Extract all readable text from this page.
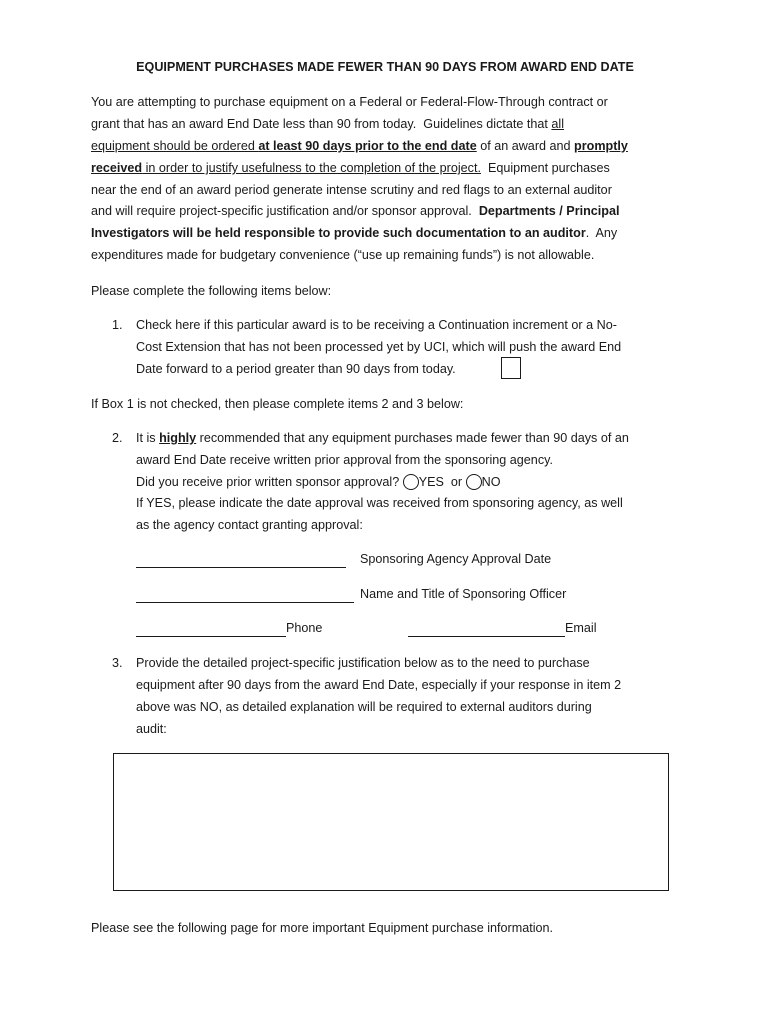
EQUIPMENT PURCHASES MADE FEWER THAN 90 DAYS FROM AWARD END DATE
You are attempting to purchase equipment on a Federal or Federal-Flow-Through contract or
grant that has an award End Date less than 90 from today.  Guidelines dictate that all
equipment should be ordered at least 90 days prior to the end date of an award and promptly
received in order to justify usefulness to the completion of the project.  Equipment purchases
near the end of an award period generate intense scrutiny and red flags to an external auditor
and will require project-specific justification and/or sponsor approval.  Departments / Principal
Investigators will be held responsible to provide such documentation to an auditor.  Any
expenditures made for budgetary convenience (“use up remaining funds”) is not allowable.
Please complete the following items below:
1. Check here if this particular award is to be receiving a Continuation increment or a No-
Cost Extension that has not been processed yet by UCI, which will push the award End
Date forward to a period greater than 90 days from today.
If Box 1 is not checked, then please complete items 2 and 3 below:
2. It is highly recommended that any equipment purchases made fewer than 90 days of an
award End Date receive written prior approval from the sponsoring agency.
Did you receive prior written sponsor approval? YES  or NO
If YES, please indicate the date approval was received from sponsoring agency, as well
as the agency contact granting approval:
Sponsoring Agency Approval Date
Name and Title of Sponsoring Officer
Phone	Email
3. Provide the detailed project-specific justification below as to the need to purchase
equipment after 90 days from the award End Date, especially if your response in item 2
above was NO, as detailed explanation will be required to external auditors during
audit:
Please see the following page for more important Equipment purchase information.
